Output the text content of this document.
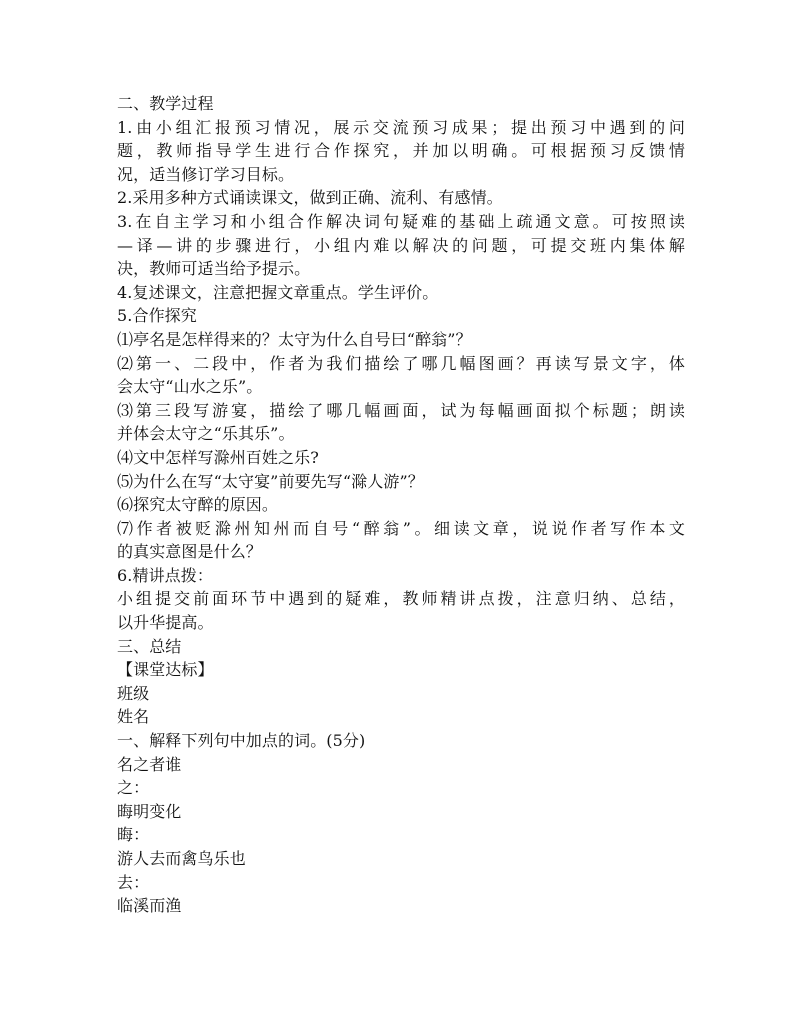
二、教学过程
1.由小组汇报预习情况，展示交流预习成果；提出预习中遇到的问
题，教师指导学生进行合作探究，并加以明确。可根据预习反馈情
况，适当修订学习目标。
2.采用多种方式诵读课文，做到正确、流利、有感情。
3.在自主学习和小组合作解决词句疑难的基础上疏通文意。可按照读
—译—讲的步骤进行，小组内难以解决的问题，可提交班内集体解
决，教师可适当给予提示。
4.复述课文，注意把握文章重点。学生评价。
5.合作探究
⑴亭名是怎样得来的？太守为什么自号曰“醉翁”？
⑵第一、二段中，作者为我们描绘了哪几幅图画？再读写景文字，体
会太守“山水之乐”。
⑶第三段写游宴，描绘了哪几幅画面，试为每幅画面拟个标题；朗读
并体会太守之“乐其乐”。
⑷文中怎样写滁州百姓之乐?
⑸为什么在写“太守宴”前要先写“滁人游”？
⑹探究太守醉的原因。
⑺作者被贬滁州知州而自号“醉翁”。细读文章，说说作者写作本文
的真实意图是什么？
6.精讲点拨：
小组提交前面环节中遇到的疑难，教师精讲点拨，注意归纳、总结，
以升华提高。
三、总结
【课堂达标】
班级
姓名
一、解释下列句中加点的词。(5分)
名之者谁
之：
晦明变化
晦：
游人去而禽鸟乐也
去：
临溪而渔
